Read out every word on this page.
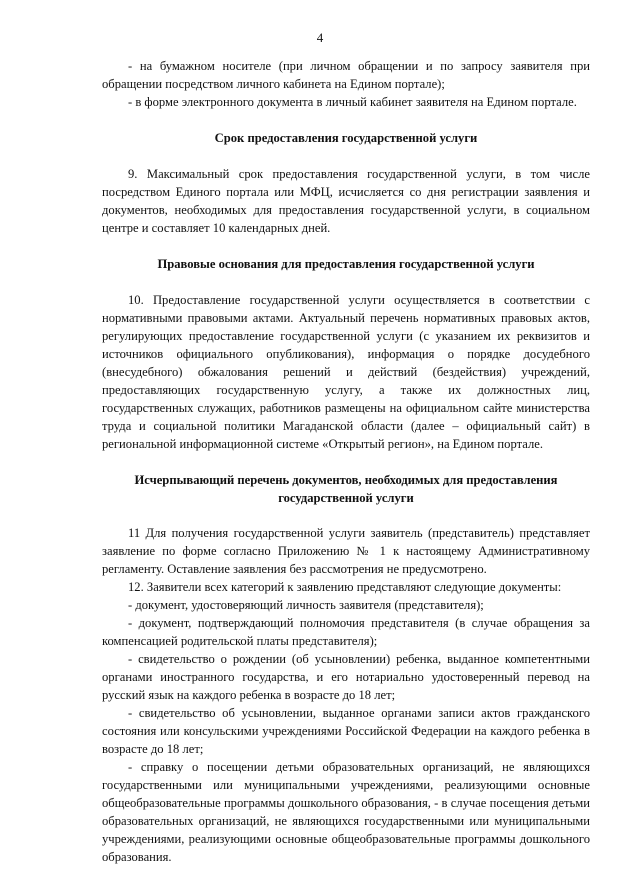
4

- на бумажном носителе (при личном обращении и по запросу заявителя при обращении посредством личного кабинета на Едином портале);

- в форме электронного документа в личный кабинет заявителя на Едином портале.

Срок предоставления государственной услуги

9. Максимальный срок предоставления государственной услуги, в том числе посредством Единого портала или МФЦ, исчисляется со дня регистрации заявления и документов, необходимых для предоставления государственной услуги, в социальном центре и составляет 10 календарных дней.

Правовые основания для предоставления государственной услуги

10. Предоставление государственной услуги осуществляется в соответствии с нормативными правовыми актами. Актуальный перечень нормативных правовых актов, регулирующих предоставление государственной услуги (с указанием их реквизитов и источников официального опубликования), информация о порядке досудебного (внесудебного) обжалования решений и действий (бездействия) учреждений, предоставляющих государственную услугу, а также их должностных лиц, государственных служащих, работников размещены на официальном сайте министерства труда и социальной политики Магаданской области (далее – официальный сайт) в региональной информационной системе «Открытый регион», на Едином портале.

Исчерпывающий перечень документов, необходимых для предоставления государственной услуги

11 Для получения государственной услуги заявитель (представитель) представляет заявление по форме согласно Приложению № 1 к настоящему Административному регламенту. Оставление заявления без рассмотрения не предусмотрено.

12. Заявители всех категорий к заявлению представляют следующие документы:

- документ, удостоверяющий личность заявителя (представителя);

- документ, подтверждающий полномочия представителя (в случае обращения за компенсацией родительской платы представителя);

- свидетельство о рождении (об усыновлении) ребенка, выданное компетентными органами иностранного государства, и его нотариально удостоверенный перевод на русский язык на каждого ребенка в возрасте до 18 лет;

- свидетельство об усыновлении, выданное органами записи актов гражданского состояния или консульскими учреждениями Российской Федерации на каждого ребенка в возрасте до 18 лет;

- справку о посещении детьми образовательных организаций, не являющихся государственными или муниципальными учреждениями, реализующими основные общеобразовательные программы дошкольного образования, - в случае посещения детьми образовательных организаций, не являющихся государственными или муниципальными учреждениями, реализующими основные общеобразовательные программы дошкольного образования.
